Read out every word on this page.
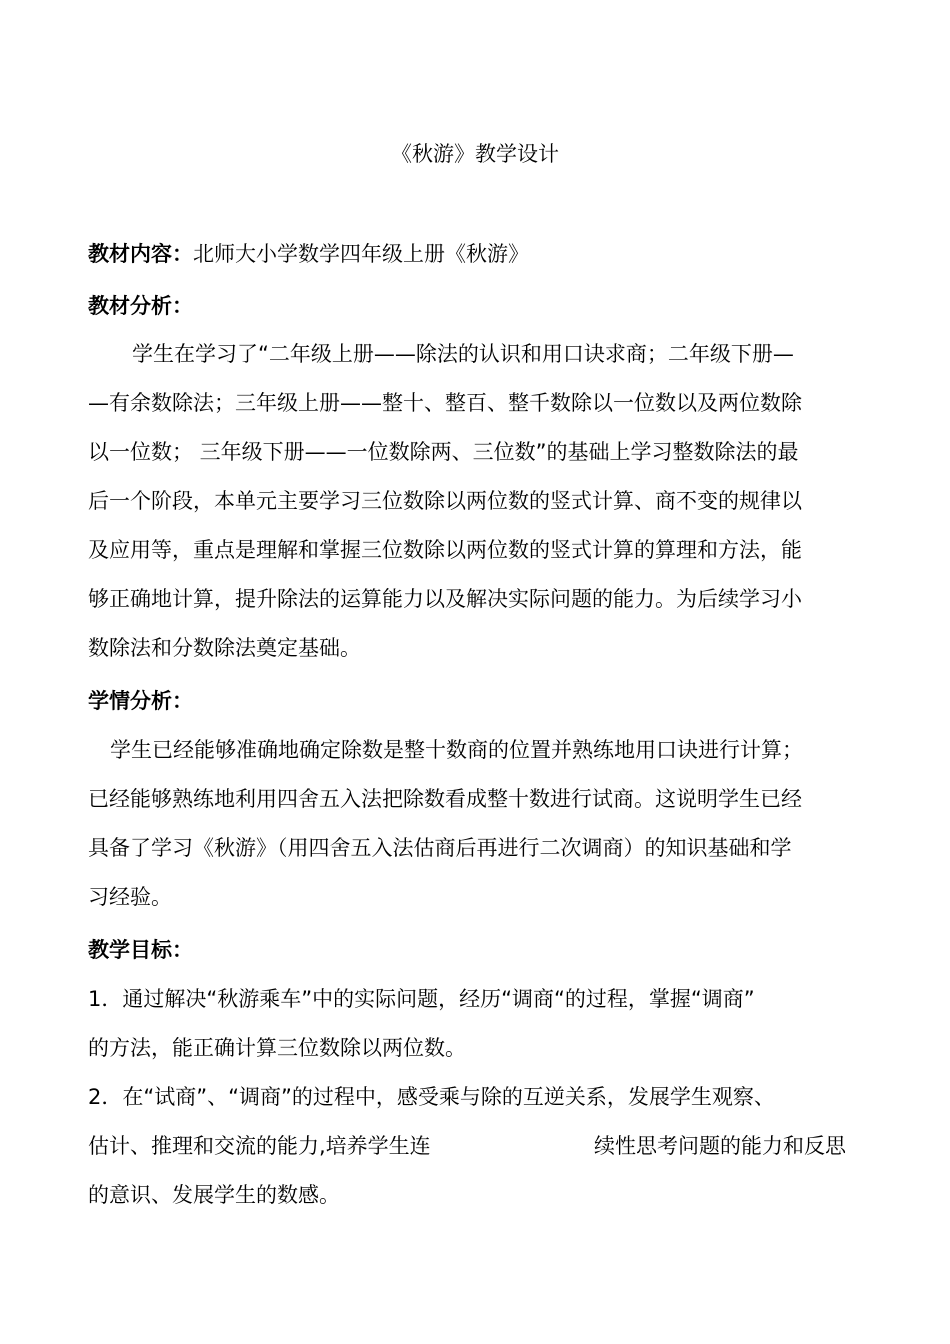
《秋游》教学设计
教材内容：北师大小学数学四年级上册《秋游》
教材分析：
学生在学习了“二年级上册——除法的认识和用口诀求商；二年级下册—
—有余数除法；三年级上册——整十、整百、整千数除以一位数以及两位数除
以一位数； 三年级下册——一位数除两、三位数”的基础上学习整数除法的最
后一个阶段，本单元主要学习三位数除以两位数的竖式计算、商不变的规律以
及应用等，重点是理解和掌握三位数除以两位数的竖式计算的算理和方法，能
够正确地计算，提升除法的运算能力以及解决实际问题的能力。为后续学习小
数除法和分数除法奠定基础。
学情分析：
学生已经能够准确地确定除数是整十数商的位置并熟练地用口诀进行计算；
已经能够熟练地利用四舍五入法把除数看成整十数进行试商。这说明学生已经
具备了学习《秋游》（用四舍五入法估商后再进行二次调商）的知识基础和学
习经验。
教学目标：
1．通过解决“秋游乘车”中的实际问题，经历“调商“的过程，掌握“调商”
的方法，能正确计算三位数除以两位数。
2．在“试商”、“调商”的过程中，感受乘与除的互逆关系，发展学生观察、
估计、推理和交流的能力,培养学生连	续性思考问题的能力和反思
的意识、发展学生的数感。
